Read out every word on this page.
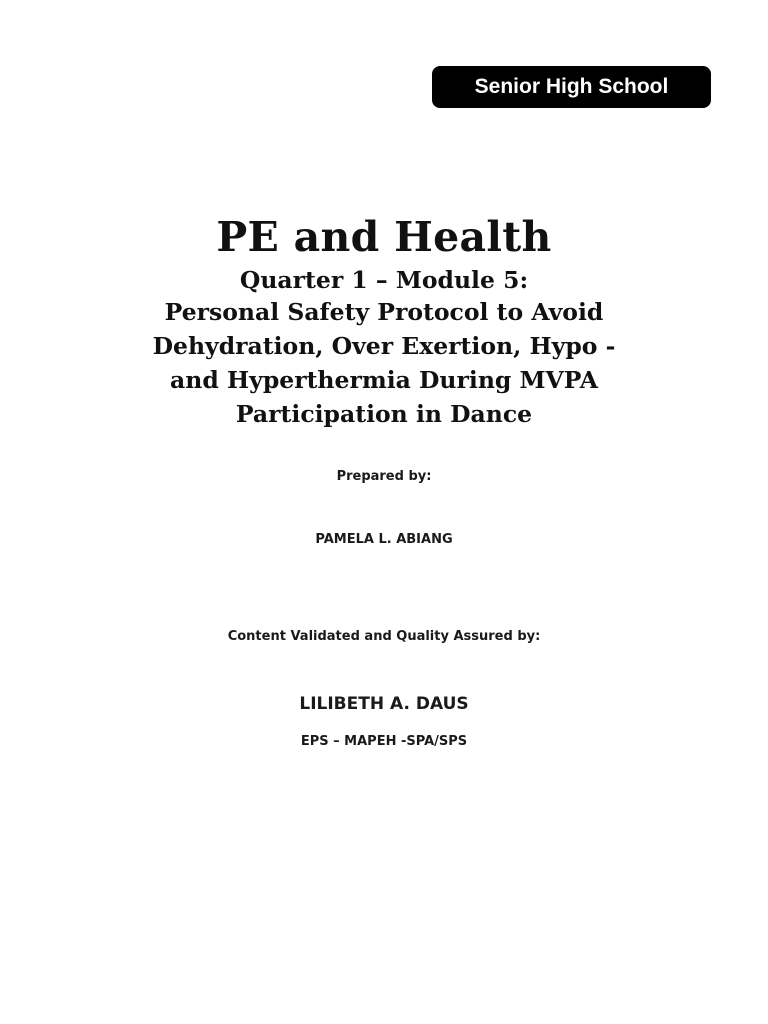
Senior High School
PE and Health
Quarter 1 – Module 5:
Personal Safety Protocol to Avoid
Dehydration, Over Exertion, Hypo -
and Hyperthermia During MVPA
Participation in Dance
Prepared by:
PAMELA L. ABIANG
Content Validated and Quality Assured by:
LILIBETH A. DAUS
EPS – MAPEH -SPA/SPS
